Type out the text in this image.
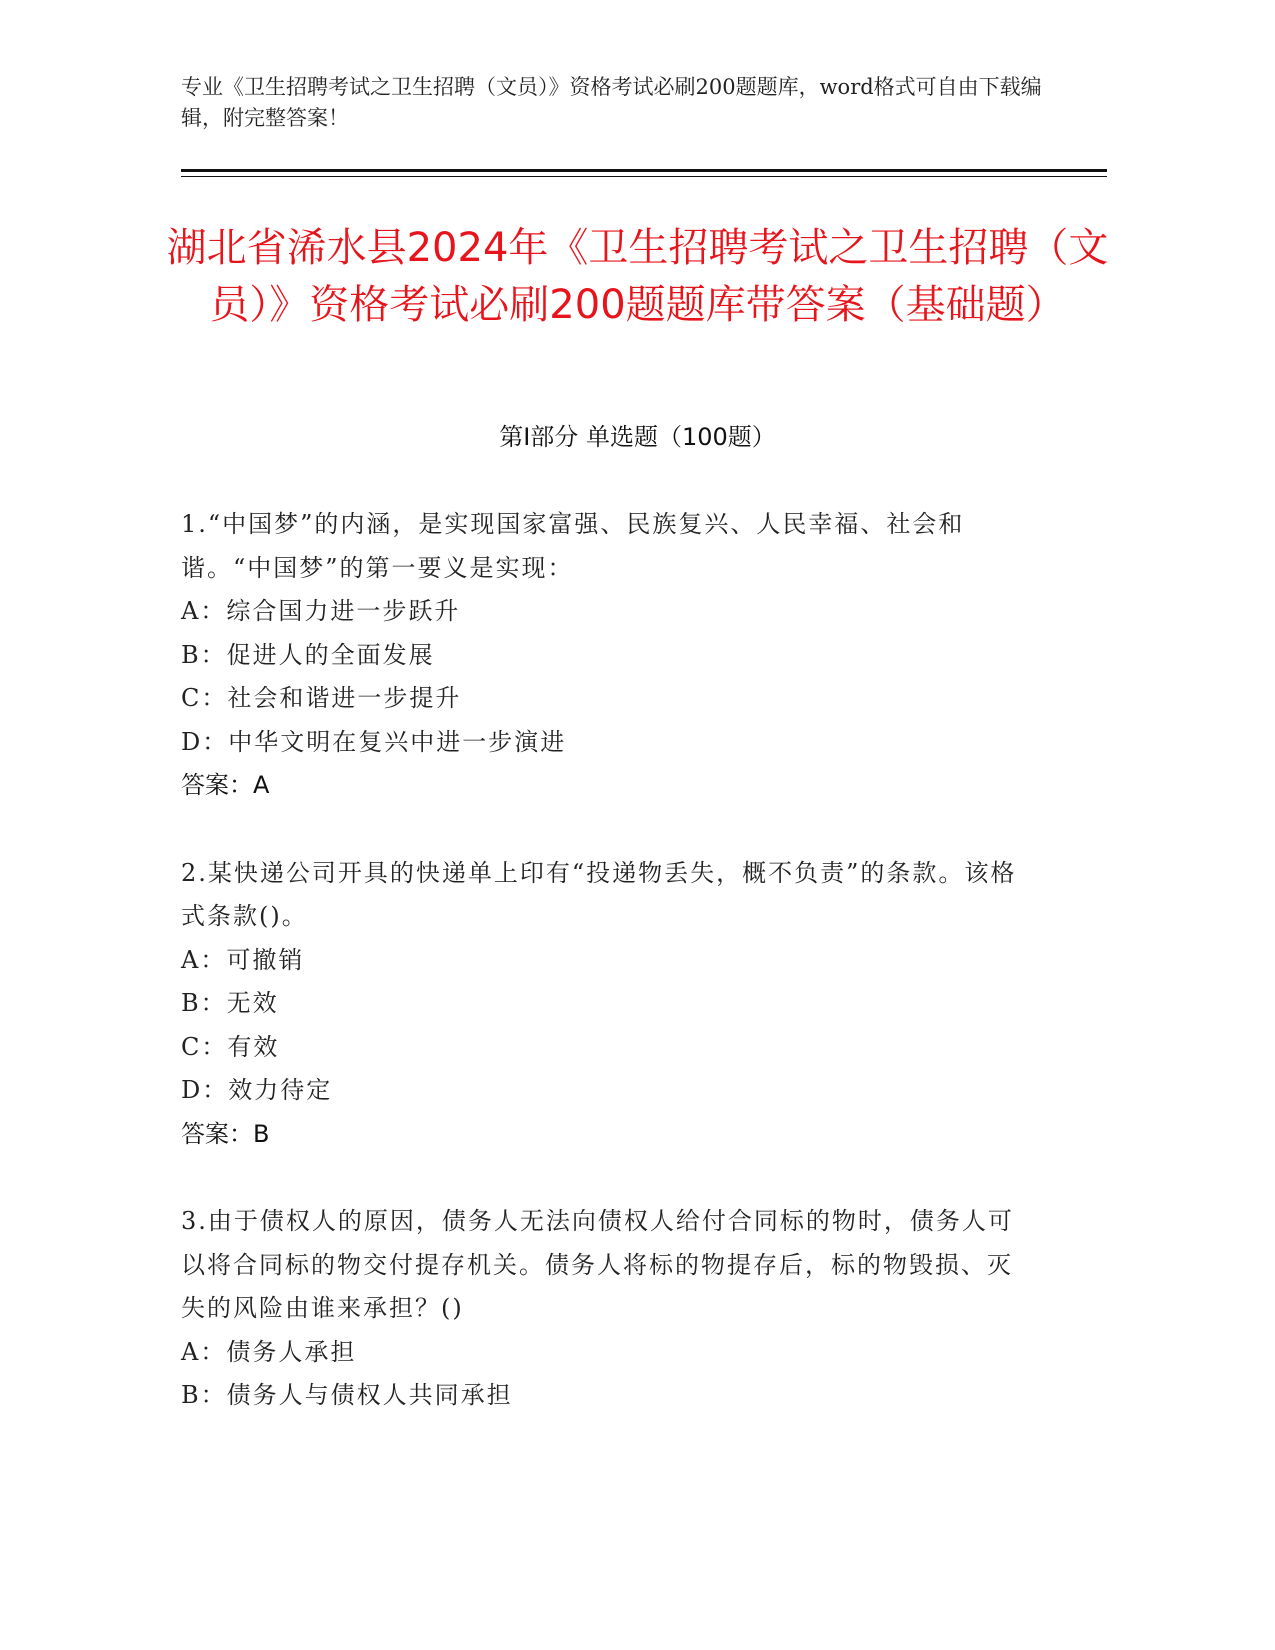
专业《卫生招聘考试之卫生招聘（文员）》资格考试必刷200题题库，word格式可自由下载编辑，附完整答案！

湖北省浠水县2024年《卫生招聘考试之卫生招聘（文员）》资格考试必刷200题题库带答案（基础题）
第I部分 单选题（100题）

1.“中国梦”的内涵，是实现国家富强、民族复兴、人民幸福、社会和谐。“中国梦”的第一要义是实现：

A：综合国力进一步跃升

B：促进人的全面发展

C：社会和谐进一步提升

D：中华文明在复兴中进一步演进

答案：A

2.某快递公司开具的快递单上印有“投递物丢失，概不负责”的条款。该格式条款()。

A：可撤销

B：无效

C：有效

D：效力待定

答案：B

3.由于债权人的原因，债务人无法向债权人给付合同标的物时，债务人可以将合同标的物交付提存机关。债务人将标的物提存后，标的物毁损、灭失的风险由谁来承担？()

A：债务人承担

B：债务人与债权人共同承担
